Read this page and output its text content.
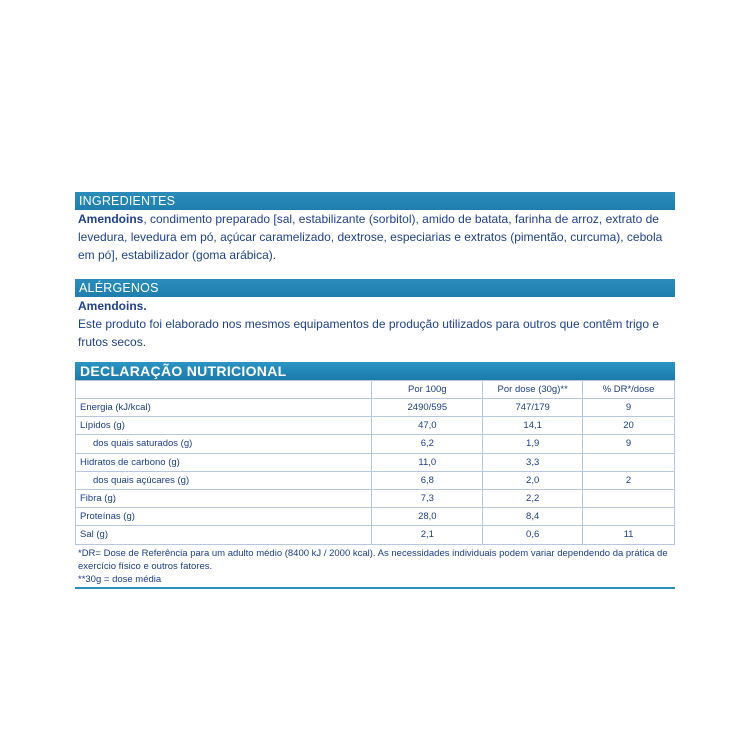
INGREDIENTES
Amendoins, condimento preparado [sal, estabilizante (sorbitol), amido de batata, farinha de arroz, extrato de levedura, levedura em pó, açúcar caramelizado, dextrose, especiarias e extratos (pimentão, curcuma), cebola em pó], estabilizador (goma arábica).
ALÉRGENOS
Amendoins.
Este produto foi elaborado nos mesmos equipamentos de produção utilizados para outros que contêm trigo e frutos secos.
DECLARAÇÃO NUTRICIONAL
	Por 100g	Por dose (30g)**	% DR*/dose
Energia (kJ/kcal)	2490/595	747/179	9
Lípidos (g)	47,0	14,1	20
dos quais saturados (g)	6,2	1,9	9
Hidratos de carbono (g)	11,0	3,3	
dos quais açúcares (g)	6,8	2,0	2
Fibra (g)	7,3	2,2	
Proteínas (g)	28,0	8,4	
Sal (g)	2,1	0,6	11
*DR= Dose de Referência para um adulto médio (8400 kJ / 2000 kcal). As necessidades individuais podem variar dependendo da prática de exercício físico e outros fatores.
**30g = dose média
